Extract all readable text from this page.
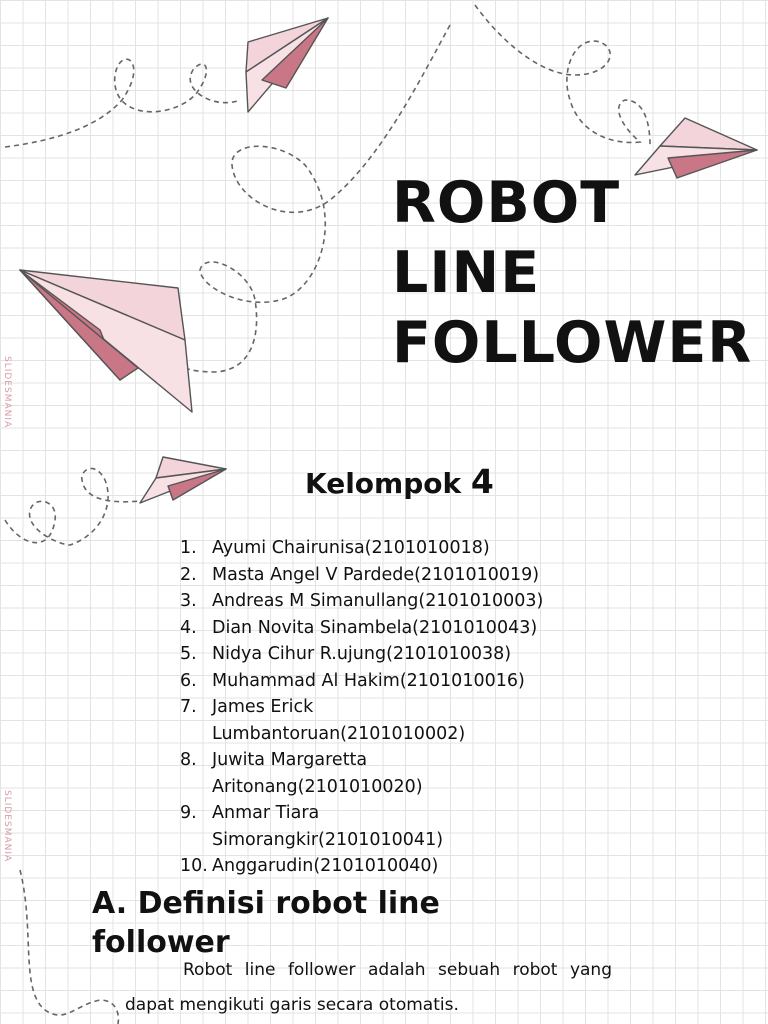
SLIDESMANIA
SLIDESMANIA
ROBOT
LINE
FOLLOWER
Kelompok 4
1. Ayumi Chairunisa(2101010018)
2. Masta Angel V Pardede(2101010019)
3. Andreas M Simanullang(2101010003)
4. Dian Novita Sinambela(2101010043)
5. Nidya Cihur R.ujung(2101010038)
6. Muhammad Al Hakim(2101010016)
7. James Erick Lumbantoruan(2101010002)
8. Juwita Margaretta Aritonang(2101010020)
9. Anmar Tiara Simorangkir(2101010041)
10. Anggarudin(2101010040)
A. Definisi robot line follower

Robot line follower adalah sebuah robot yang dapat mengikuti garis secara otomatis.
